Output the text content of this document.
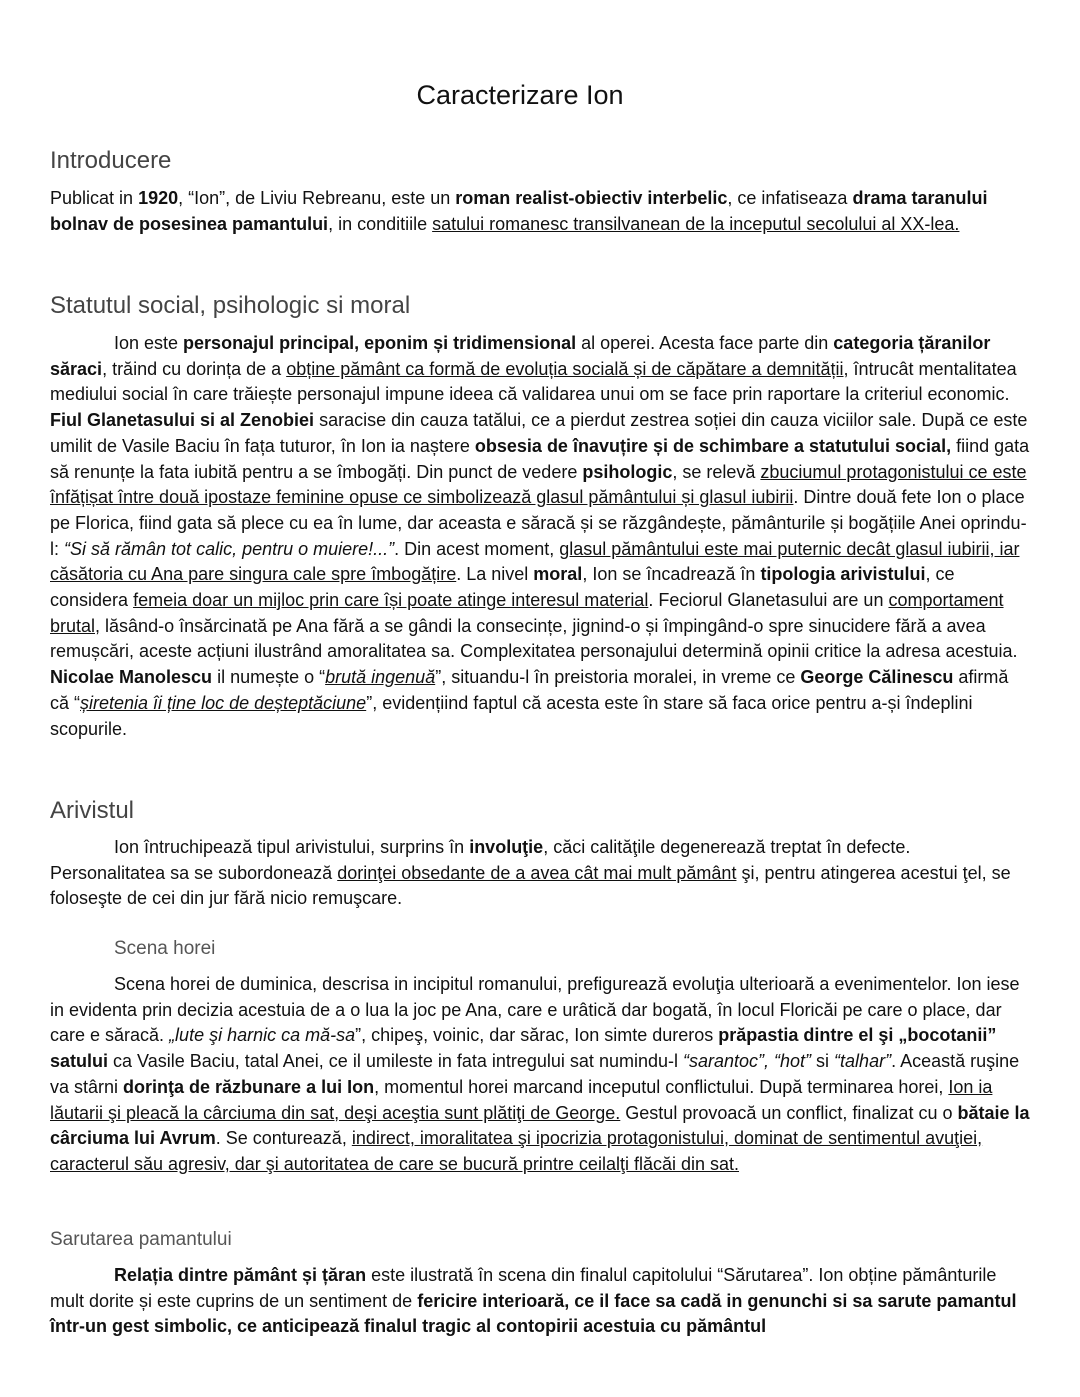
Caracterizare Ion
Introducere

Publicat in 1920, “Ion”, de Liviu Rebreanu, este un roman realist-obiectiv interbelic, ce infatiseaza drama taranului bolnav de posesinea pamantului, in conditiile satului romanesc transilvanean de la inceputul secolului al XX-lea.

Statutul social, psihologic si moral

Ion este personajul principal, eponim și tridimensional al operei. Acesta face parte din categoria țăranilor săraci, trăind cu dorința de a obține pământ ca formă de evoluția socială și de căpătare a demnității, întrucât mentalitatea mediului social în care trăiește personajul impune ideea că validarea unui om se face prin raportare la criteriul economic. Fiul Glanetasului si al Zenobiei saracise din cauza tatălui, ce a pierdut zestrea soției din cauza viciilor sale. După ce este umilit de Vasile Baciu în fața tuturor, în Ion ia naștere obsesia de înavuțire și de schimbare a statutului social, fiind gata să renunțe la fata iubită pentru a se îmbogăți. Din punct de vedere psihologic, se relevă zbuciumul protagonistului ce este înfățișat între două ipostaze feminine opuse ce simbolizează glasul pământului și glasul iubirii. Dintre două fete Ion o place pe Florica, fiind gata să plece cu ea în lume, dar aceasta e săracă și se răzgândește, pământurile și bogățiile Anei oprindu-l: “Si să rămân tot calic, pentru o muiere!...”. Din acest moment, glasul pământului este mai puternic decât glasul iubirii, iar căsătoria cu Ana pare singura cale spre îmbogățire. La nivel moral, Ion se încadrează în tipologia arivistului, ce considera femeia doar un mijloc prin care își poate atinge interesul material. Feciorul Glanetasului are un comportament brutal, lăsând-o însărcinată pe Ana fără a se gândi la consecințe, jignind-o și împingând-o spre sinucidere fără a avea remușcări, aceste acțiuni ilustrând amoralitatea sa. Complexitatea personajului determină opinii critice la adresa acestuia. Nicolae Manolescu il numește o “brută ingenuă”, situandu-l în preistoria moralei, in vreme ce George Călinescu afirmă că “șiretenia îi ține loc de deșteptăciune”, evidențiind faptul că acesta este în stare să faca orice pentru a-și îndeplini scopurile.

Arivistul

Ion întruchipează tipul arivistului, surprins în involuţie, căci calităţile degenerează treptat în defecte. Personalitatea sa se subordonează dorinţei obsedante de a avea cât mai mult pământ şi, pentru atingerea acestui ţel, se foloseşte de cei din jur fără nicio remuşcare.

Scena horei

Scena horei de duminica, descrisa in incipitul romanului, prefigurează evoluţia ulterioară a evenimentelor. Ion iese in evidenta prin decizia acestuia de a o lua la joc pe Ana, care e urâtică dar bogată, în locul Floricăi pe care o place, dar care e săracă. „lute şi harnic ca mă-sa”, chipeş, voinic, dar sărac, Ion simte dureros prăpastia dintre el şi „bocotanii” satului ca Vasile Baciu, tatal Anei, ce il umileste in fata intregului sat numindu-l “sarantoc”, “hot” si “talhar”. Această ruşine va stârni dorinţa de răzbunare a lui Ion, momentul horei marcand inceputul conflictului. După terminarea horei, Ion ia lăutarii şi pleacă la cârciuma din sat, deşi aceştia sunt plătiţi de George. Gestul provoacă un conflict, finalizat cu o bătaie la cârciuma lui Avrum. Se conturează, indirect, imoralitatea şi ipocrizia protagonistului, dominat de sentimentul avuţiei, caracterul său agresiv, dar şi autoritatea de care se bucură printre ceilalţi flăcăi din sat.

Sarutarea pamantului

Relația dintre pământ și țăran este ilustrată în scena din finalul capitolului “Sărutarea”. Ion obține pământurile mult dorite și este cuprins de un sentiment de fericire interioară, ce il face sa cadă in genunchi si sa sarute pamantul într-un gest simbolic, ce anticipează finalul tragic al contopirii acestuia cu pământul
